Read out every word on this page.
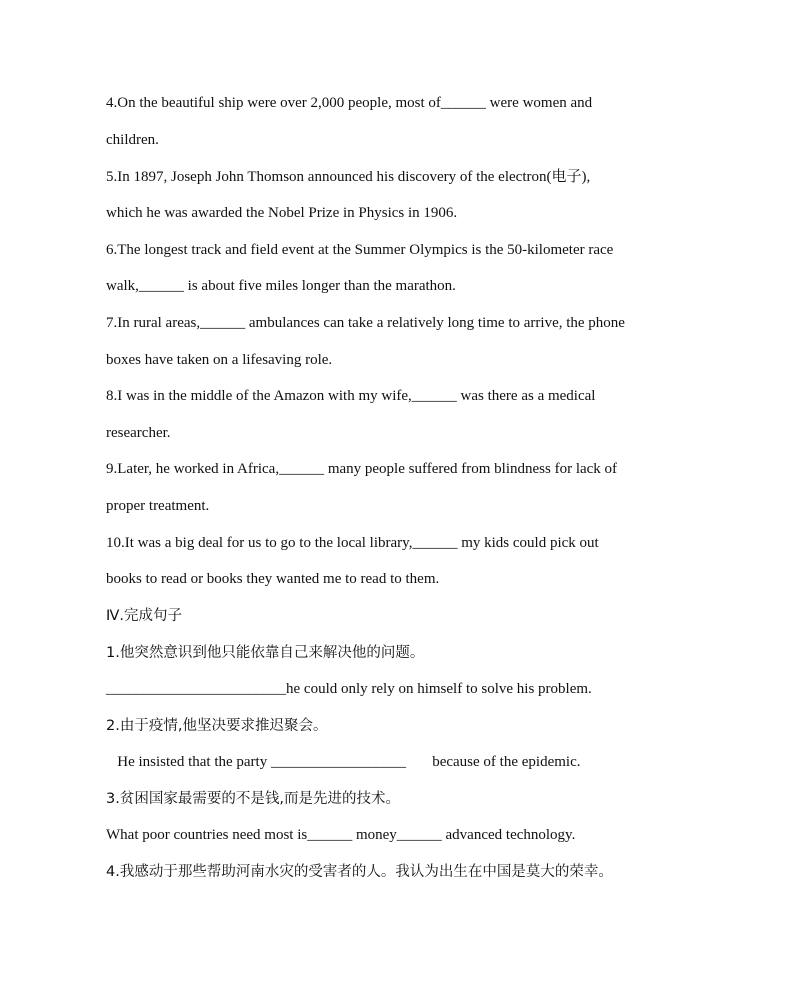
4.On the beautiful ship were over 2,000 people, most of______ were women and
children.
5.In 1897, Joseph John Thomson announced his discovery of the electron(电子),
which he was awarded the Nobel Prize in Physics in 1906.
6.The longest track and field event at the Summer Olympics is the 50-kilometer race
walk,______ is about five miles longer than the marathon.
7.In rural areas,______ ambulances can take a relatively long time to arrive, the phone
boxes have taken on a lifesaving role.
8.I was in the middle of the Amazon with my wife,______ was there as a medical
researcher.
9.Later, he worked in Africa,______ many people suffered from blindness for lack of
proper treatment.
10.It was a big deal for us to go to the local library,______ my kids could pick out
books to read or books they wanted me to read to them.
Ⅳ.完成句子
1.他突然意识到他只能依靠自己来解决他的问题。
________________________he could only rely on himself to solve his problem.
2.由于疫情,他坚决要求推迟聚会。
He insisted that the party __________________       because of the epidemic.
3.贫困国家最需要的不是钱,而是先进的技术。
What poor countries need most is______ money______ advanced technology.
4.我感动于那些帮助河南水灾的受害者的人。我认为出生在中国是莫大的荣幸。
